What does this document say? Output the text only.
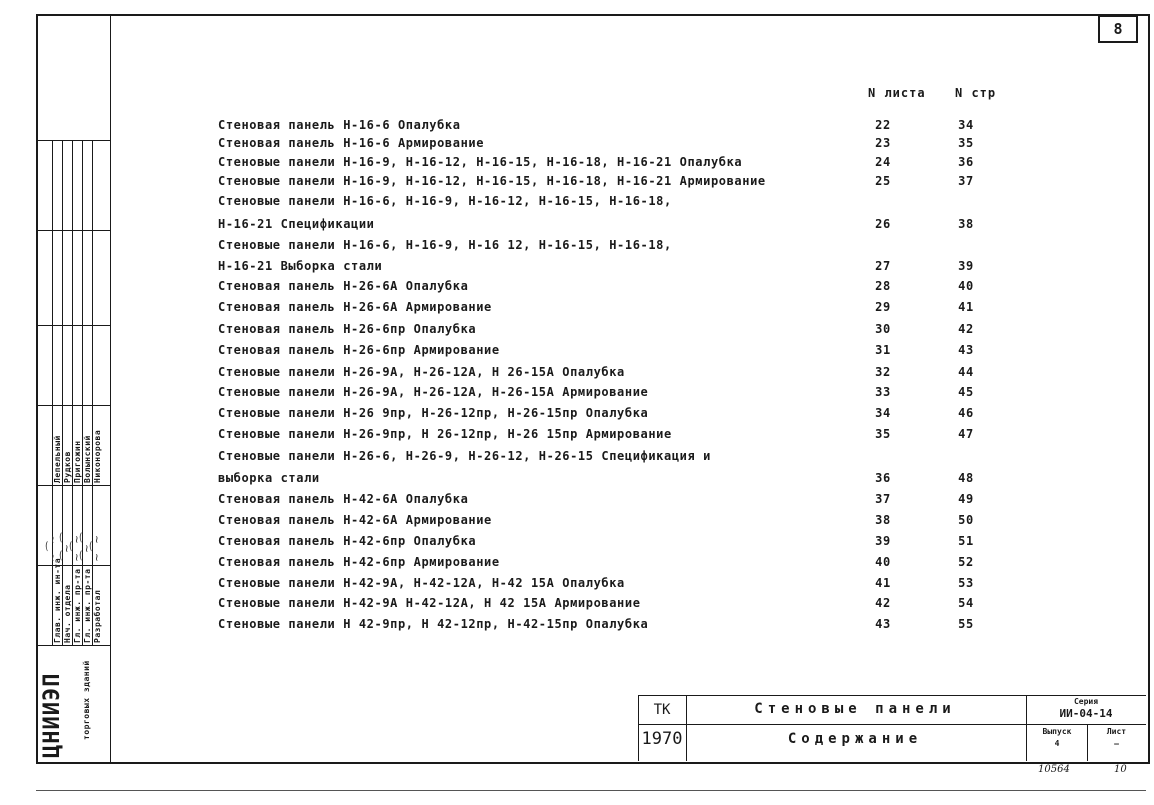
8
N листа N стр
Стеновая панель Н-16-6 Опалубка	22	34
Стеновая панель Н-16-6 Армирование	23	35
Стеновые панели Н-16-9, Н-16-12, Н-16-15, Н-16-18, Н-16-21 Опалубка	24	36
Стеновые панели Н-16-9, Н-16-12, Н-16-15, Н-16-18, Н-16-21 Армирование	25	37
Стеновые панели Н-16-6, Н-16-9, Н-16-12, Н-16-15, Н-16-18,
Н-16-21 Спецификации	26	38
Стеновые панели Н-16-6, Н-16-9, Н-16 12, Н-16-15, Н-16-18,
Н-16-21 Выборка стали	27	39
Стеновая панель Н-26-6А Опалубка	28	40
Стеновая панель Н-26-6А Армирование	29	41
Стеновая панель Н-26-6пр Опалубка	30	42
Стеновая панель Н-26-6пр Армирование	31	43
Стеновые панели Н-26-9А, Н-26-12А, Н 26-15А Опалубка	32	44
Стеновые панели Н-26-9А, Н-26-12А, Н-26-15А Армирование	33	45
Стеновые панели Н-26 9пр, Н-26-12пр, Н-26-15пр Опалубка	34	46
Стеновые панели Н-26-9пр, Н 26-12пр, Н-26 15пр Армирование	35	47
Стеновые панели Н-26-6, Н-26-9, Н-26-12, Н-26-15 Спецификация и
выборка стали	36	48
Стеновая панель Н-42-6А Опалубка	37	49
Стеновая панель Н-42-6А Армирование	38	50
Стеновая панель Н-42-6пр Опалубка	39	51
Стеновая панель Н-42-6пр Армирование	40	52
Стеновые панели Н-42-9А, Н-42-12А, Н-42 15А Опалубка	41	53
Стеновые панели Н-42-9А Н-42-12А, Н 42 15А Армирование	42	54
Стеновые панели Н 42-9пр, Н 42-12пр, Н-42-15пр Опалубка	43	55
Лепельный Рудков Пригожин Волынский Никонорова
~⁀~ ⁀~⁀
~⁀~
⁀~⁀
~⁀~
Глав. инж. ин-та Нач. отдела Гл. инж. пр-та Гл. инж. пр-та Разработал
ЦНИИЭП торговых зданий	ТК
1970
Стеновые панели
Содержание
Серия
ИИ-04-14
Выпуск
4
Лист
—
10564	10
